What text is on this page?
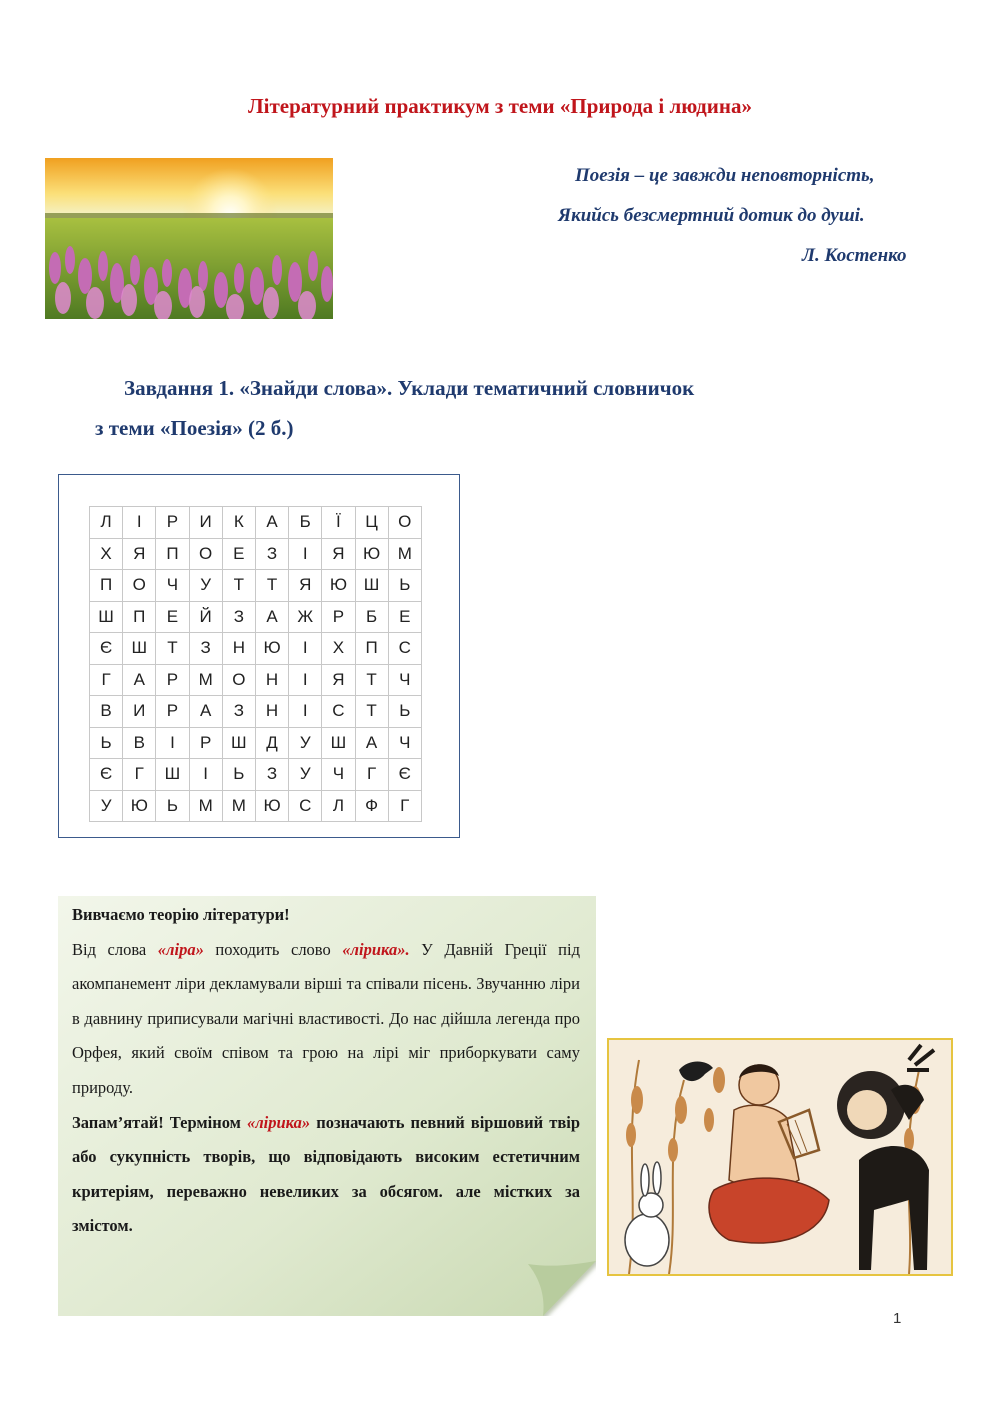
Літературний практикум з теми «Природа і людина»
Поезія – це завжди неповторність,
Якийсь безсмертний дотик до душі.
Л. Костенко
Завдання 1. «Знайди слова». Уклади тематичний словничок
з теми «Поезія» (2 б.)
Л	І	Р	И	К	А	Б	Ї	Ц	О
Х	Я	П	О	Е	З	І	Я	Ю	М
П	О	Ч	У	Т	Т	Я	Ю	Ш	Ь
Ш	П	Е	Й	З	А	Ж	Р	Б	Е
Є	Ш	Т	З	Н	Ю	І	Х	П	С
Г	А	Р	М	О	Н	І	Я	Т	Ч
В	И	Р	А	З	Н	І	С	Т	Ь
Ь	В	І	Р	Ш	Д	У	Ш	А	Ч
Є	Г	Ш	І	Ь	З	У	Ч	Г	Є
У	Ю	Ь	М	М	Ю	С	Л	Ф	Г

Вивчаємо теорію літератури!

Від слова «ліра» походить слово «лірика». У Давній Греції під акомпанемент ліри декламували вірші та співали пісень. Звучанню ліри в давнину приписували магічні властивості. До нас дійшла легенда про Орфея, який своїм співом та грою на лірі міг приборкувати саму природу.

Запам’ятай! Терміном «лірика» позначають певний віршовий твір або сукупність творів, що відповідають високим естетичним критеріям, переважно невеликих за обсягом. але містких за змістом.

1
